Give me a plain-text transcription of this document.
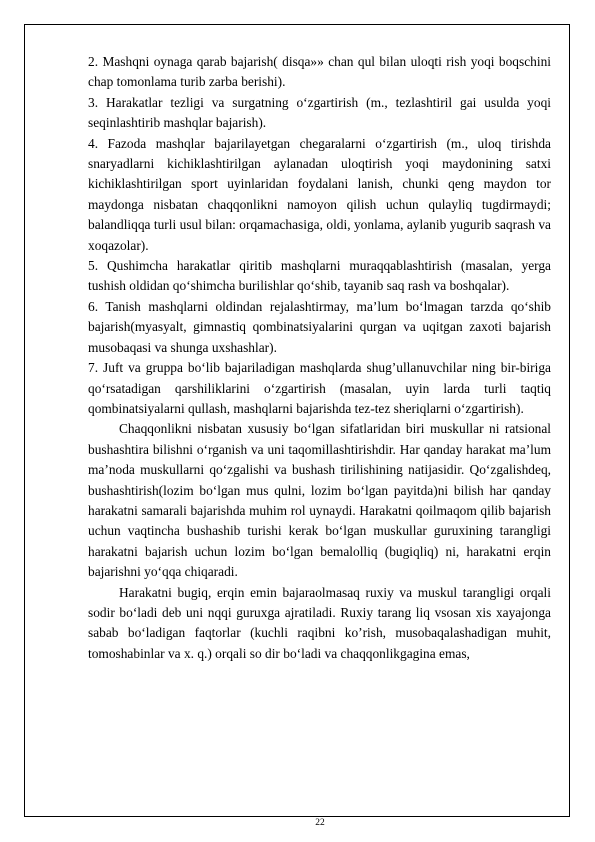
2. Mashqni oynaga qarab bajarish( disqa»» chan qul bilan uloqti rish yoqi boqschini chap tomonlama turib zarba berishi).

3. Harakatlar tezligi va surgatning o‘zgartirish (m., tezlashtiril gai usulda yoqi seqinlashtirib mashqlar bajarish).

4. Fazoda mashqlar bajarilayetgan chegaralarni o‘zgartirish (m., uloq tirishda snaryadlarni kichiklashtirilgan aylanadan uloqtirish yoqi maydonining satxi kichiklashtirilgan sport uyinlaridan foydalani lanish, chunki qeng maydon tor maydonga nisbatan chaqqonlikni namoyon qilish uchun qulayliq tugdirmaydi; balandliqqa turli usul bilan: orqamachasiga, oldi, yonlama, aylanib yugurib saqrash va xoqazolar).

5. Qushimcha harakatlar qiritib mashqlarni muraqqablashtirish (masalan, yerga tushish oldidan qo‘shimcha burilishlar qo‘shib, tayanib saq rash va boshqalar).

6. Tanish mashqlarni oldindan rejalashtirmay, ma’lum bo‘lmagan tarzda qo‘shib bajarish(myasyalt, gimnastiq qombinatsiyalarini qurgan va uqitgan zaxoti bajarish musobaqasi va shunga uxshashlar).

7. Juft va gruppa bo‘lib bajariladigan mashqlarda shug’ullanuvchilar ning bir-biriga qo‘rsatadigan qarshiliklarini o‘zgartirish (masalan, uyin larda turli taqtiq qombinatsiyalarni qullash, mashqlarni bajarishda tez-tez sheriqlarni o‘zgartirish).

Chaqqonlikni nisbatan xususiy bo‘lgan sifatlaridan biri muskullar ni ratsional bushashtira bilishni o‘rganish va uni taqomillashtirishdir. Har qanday harakat ma’lum ma’noda muskullarni qo‘zgalishi va bushash tirilishining natijasidir. Qo‘zgalishdeq, bushashtirish(lozim bo‘lgan mus qulni, lozim bo‘lgan payitda)ni bilish har qanday harakatni samarali bajarishda muhim rol uynaydi. Harakatni qoilmaqom qilib bajarish uchun vaqtincha bushashib turishi kerak bo‘lgan muskullar guruxining tarangligi harakatni bajarish uchun lozim bo‘lgan bemalolliq (bugiqliq) ni, harakatni erqin bajarishni yo‘qqa chiqaradi.

Harakatni bugiq, erqin emin bajaraolmasaq ruxiy va muskul tarangligi orqali sodir bo‘ladi deb uni nqqi guruxga ajratiladi. Ruxiy tarang liq vsosan xis xayajonga sabab bo‘ladigan faqtorlar (kuchli raqibni ko’rish, musobaqalashadigan muhit, tomoshabinlar va x. q.) orqali so dir bo‘ladi va chaqqonlikgagina emas,

22
